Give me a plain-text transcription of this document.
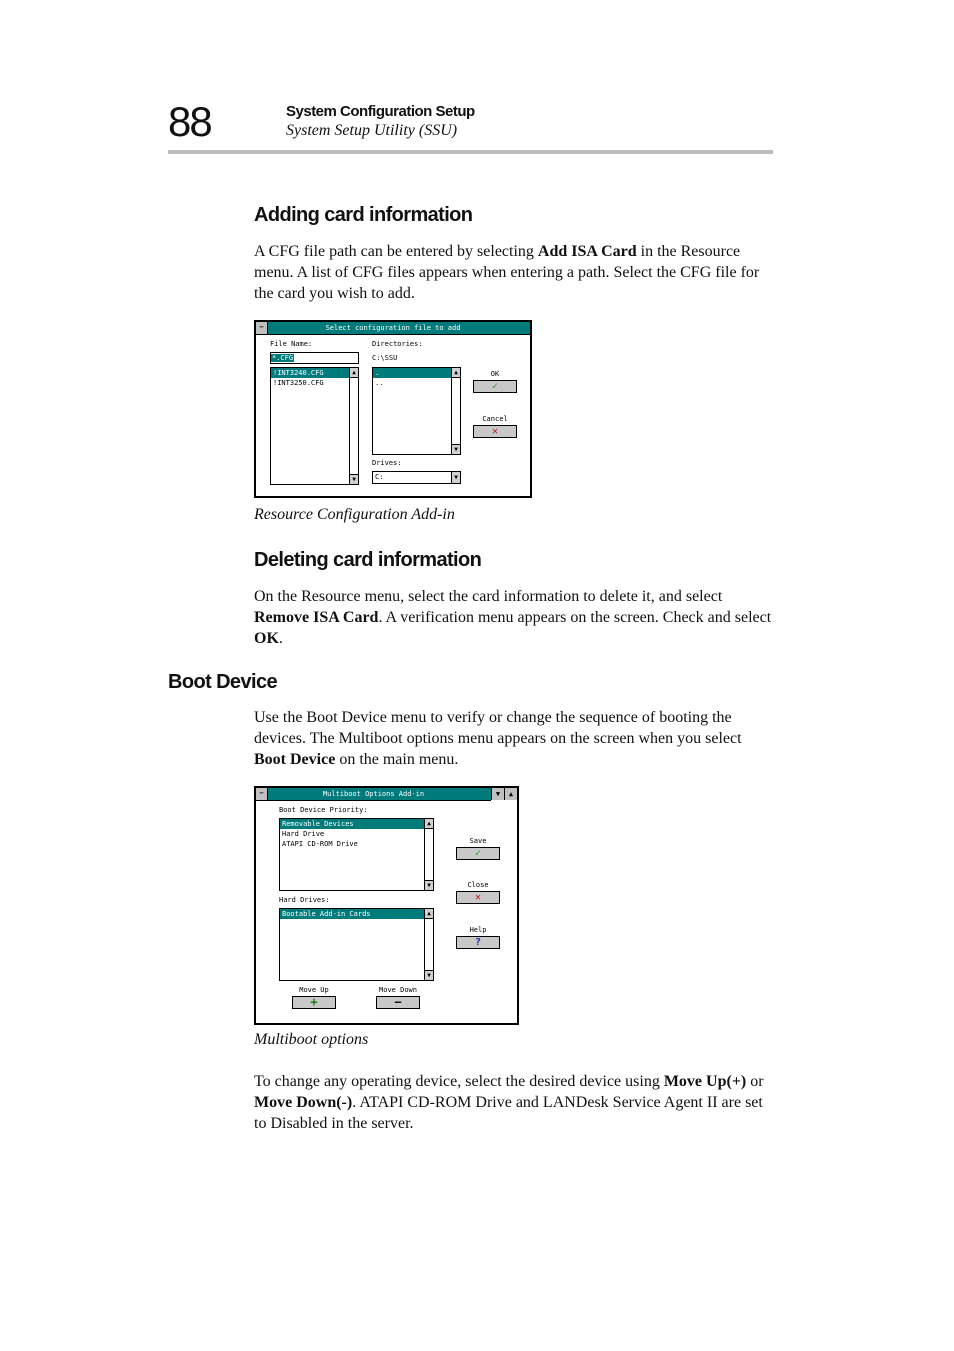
88	System Configuration Setup
System Setup Utility (SSU)
Adding card information
A CFG file path can be entered by selecting Add ISA Card in the Resource menu. A list of CFG files appears when entering a path. Select the CFG file for the card you wish to add.
Select configuration file to add
−
File Name:
*.CFG
!INT3240.CFG
!INT3250.CFG
▲
▼
Directories:
C:\SSU
.
..
▲
▼
Drives:
C:	▼
OK
✓
Cancel
✕
Resource Configuration Add-in
Deleting card information
On the Resource menu, select the card information to delete it, and select Remove ISA Card. A verification menu appears on the screen. Check and select OK.
Boot Device
Use the Boot Device menu to verify or change the sequence of booting the devices. The Multiboot options menu appears on the screen when you select Boot Device on the main menu.
Multiboot Options Add-in
−	▼	▲
Boot Device Priority:
Removable Devices
Hard Drive
ATAPI CD-ROM Drive
▲
▼
Hard Drives:
Bootable Add-in Cards	▲
▼
Save
✓
Close
✕
Help
?
Move Up
+
Move Down
−
Multiboot options
To change any operating device, select the desired device using Move Up(+) or Move Down(-). ATAPI CD-ROM Drive and LANDesk Service Agent II are set to Disabled in the server.
